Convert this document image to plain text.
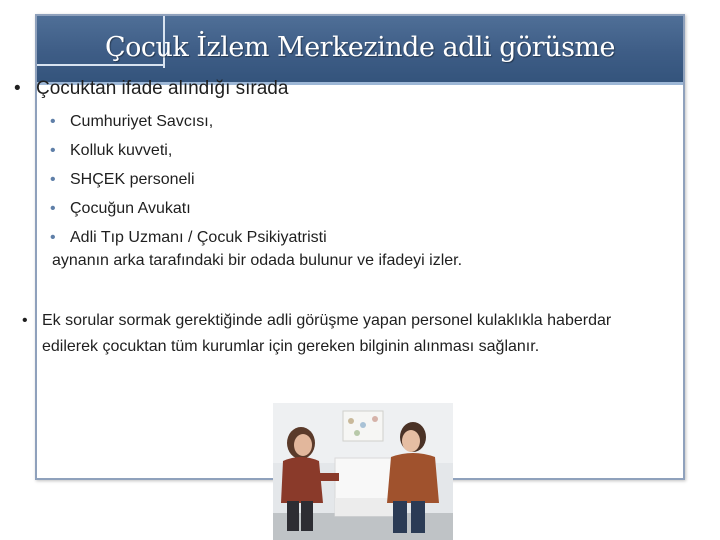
Çocuk İzlem Merkezinde adli görüsme
• Çocuktan ifade alındığı sırada
• Cumhuriyet Savcısı,
• Kolluk kuvveti,
• SHÇEK personeli
• Çocuğun Avukatı
• Adli Tıp Uzmanı / Çocuk Psikiyatristi
aynanın arka tarafındaki bir odada bulunur ve ifadeyi izler.
• Ek sorular sormak gerektiğinde adli görüşme yapan personel kulaklıkla haberdar edilerek çocuktan tüm kurumlar için gereken bilginin alınması sağlanır.
